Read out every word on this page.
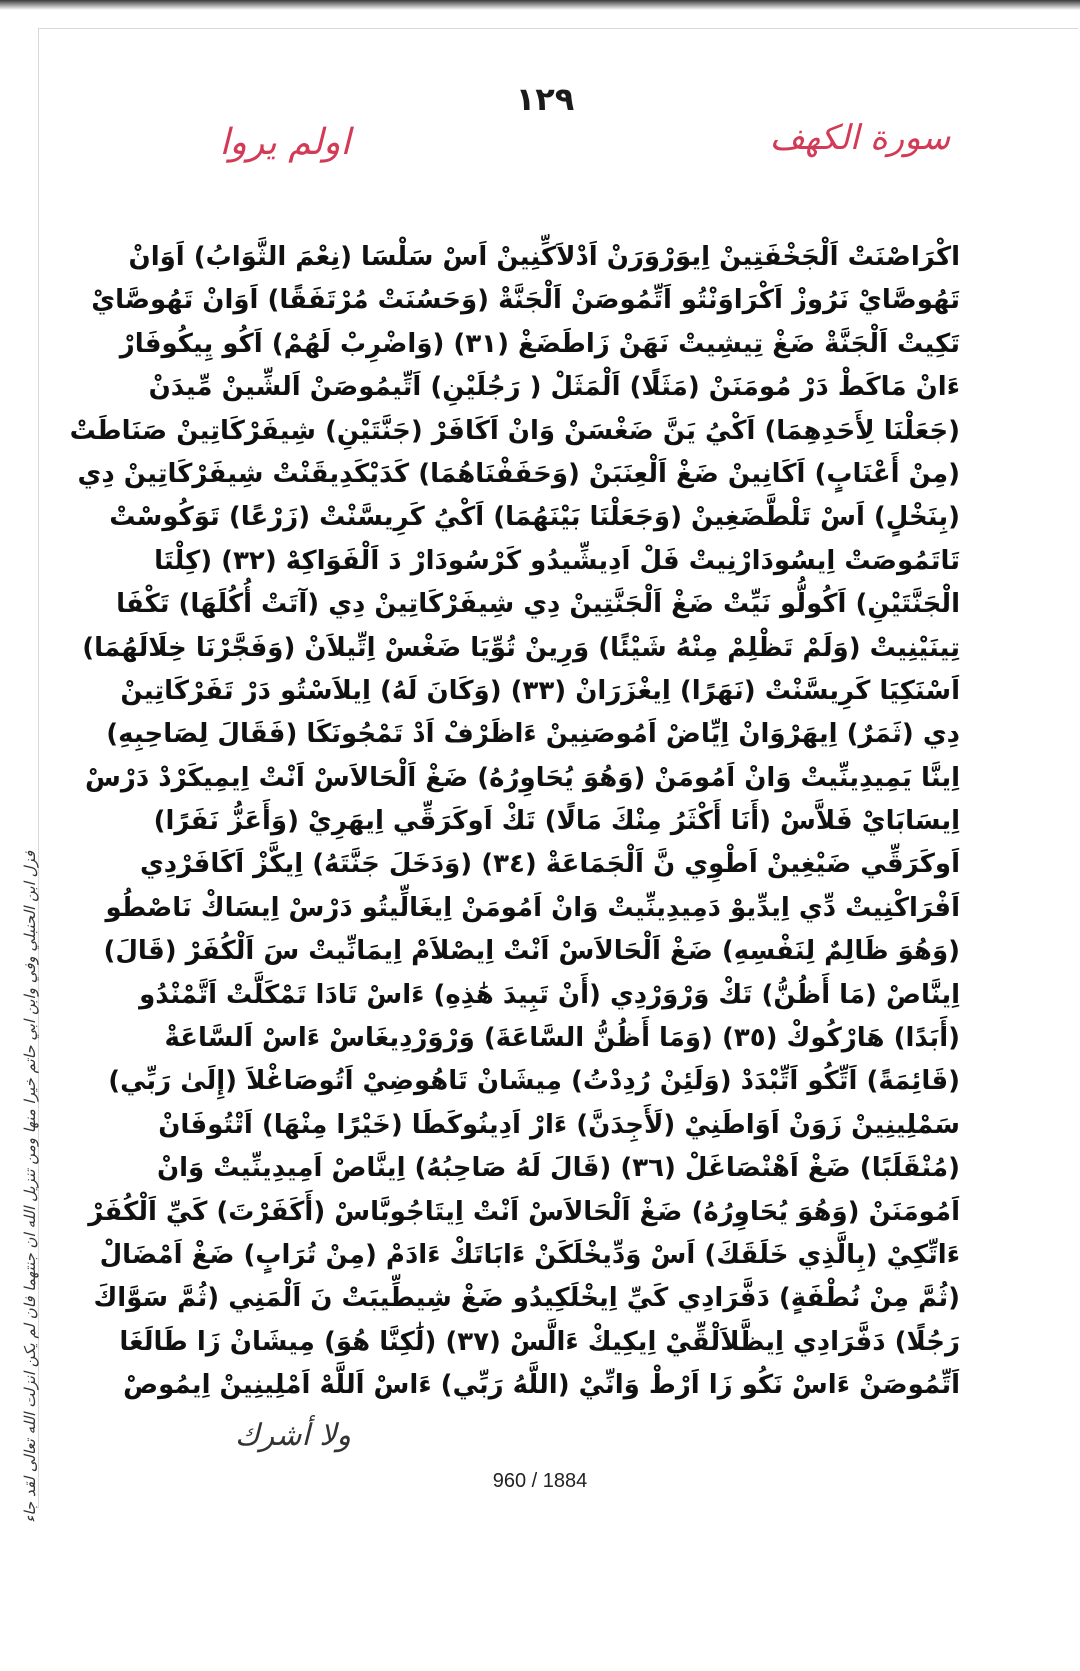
١٢٩
سورة الكهف
اولم يروا
اكْرَاصْنَتْ اَلْجَخْفَتِينْ اِيوَرْوَرَنْ اَدْلاَكِّنِينْ اَسْ سَلْسَا (نِعْمَ الثَّوَابُ) اَوَانْ
تَهُوصَّايْ نَرُوزْ اَكْرَاوَنْتُو اَتِّمُوصَنْ اَلْجَنَّةْ (وَحَسُنَتْ مُرْتَفَقًا) اَوَانْ تَهُوصَّايْ
تَكِيتْ اَلْجَنَّةْ ضَغْ تِيشِيتْ نَهَنْ زَاطَضَغْ (٣١) (وَاضْرِبْ لَهُمْ) اَكُو يِيكُوفَارْ
ءَانْ مَاكَطْ دَرْ مُومَنَنْ (مَثَلًا) اَلْمَثَلْ ( رَجُلَيْنِ) اَتِّيمُوصَنْ اَلشِّينْ مِّيدَنْ
(جَعَلْنَا لِأَحَدِهِمَا) اَكْيُ يَنَّ ضَغْسَنْ وَانْ اَكَافَرْ (جَنَّتَيْنِ) شِيفَرْكَاتِينْ صَنَاطَتْ
(مِنْ أَعْنَابٍ) اَكَانِينْ ضَغْ اَلْعِنَبَنْ (وَحَفَفْنَاهُمَا) كَدَيْكَدِيقَنْتْ شِيفَرْكَاتِينْ دِي
(بِنَخْلٍ) اَسْ تَلْطَّضَغِينْ (وَجَعَلْنَا بَيْنَهُمَا) اَكْيُ كَرِيسَّنْتْ (زَرْعًا) تَوَكُوسْتْ
تَاتَمُوصَتْ اِيسُودَارْنِيتْ فَلْ اَدِيشِّيدُو كَرْسُودَارْ دَ اَلْفَوَاكِهْ (٣٢) (كِلْتَا
الْجَنَّتَيْنِ) اَكُولُّو نَيِّتْ ضَغْ اَلْجَنَّتِينْ دِي شِيفَرْكَاتِينْ دِي (آتَتْ أُكُلَهَا) تَكْفَا
تِينَيْنِيتْ (وَلَمْ تَظْلِمْ مِنْهُ شَيْئًا) وَرِينْ تُوِّيَا ضَغْسْ اِتِّيلاَنْ (وَفَجَّرْنَا خِلَالَهُمَا)
اَسْنَكِيَا كَرِيسَّنْتْ (نَهَرًا) اِيغْزَرَانْ (٣٣) (وَكَانَ لَهُ) اِيلاَسْتُو دَرْ تَفَرْكَاتِينْ
دِي (ثَمَرٌ) اِيهَرْوَانْ اِيِّاضْ اَمُوصَنِينْ ءَاظَرْفْ اَدْ تَمْجُونَكَا (فَقَالَ لِصَاحِبِهِ)
اِينَّا يَمِيدِينِّيتْ وَانْ اَمُومَنْ (وَهُوَ يُحَاوِرُهُ) ضَغْ اَلْحَالاَسْ اَنْتْ اِيمِيكَرْدْ دَرْسْ
اِيسَابَايْ فَلاَّسْ (أَنَا أَكْثَرُ مِنْكَ مَالًا) تَكْ اَوكَرَقِّي اِيهَرِيْ (وَأَعَزُّ نَفَرًا)
اَوكَرَقِّي ضَيْغِينْ اَطْوِي نَّ اَلْجَمَاعَةْ (٣٤) (وَدَخَلَ جَنَّتَهُ) اِيكَّزْ اَكَافَرْدِي
اَفْرَاكْنِيتْ دِّي اِيدِّيوْ دَمِيدِينِّيتْ وَانْ اَمُومَنْ اِيغَالِّيتُو دَرْسْ اِيسَاكْ نَاصْطُو
(وَهُوَ ظَالِمٌ لِنَفْسِهِ) ضَغْ اَلْحَالاَسْ اَنْتْ اِيصْلاَمْ اِيمَانِّيتْ سَ اَلْكُفَرْ (قَالَ)
اِينَّاصْ (مَا أَظُنُّ) تَكْ وَرْوَرْدِي (أَنْ تَبِيدَ هَٰذِهِ) ءَاسْ تَادَا تَمْكَلَّتْ اَتَّمْنْدُو
(أَبَدًا) هَارْكُوكْ (٣٥) (وَمَا أَظُنُّ السَّاعَةَ) وَرْوَرْدِيغَاسْ ءَاسْ اَلسَّاعَةْ
(قَائِمَةً) اَتِّكُو اَتِّبْدَدْ (وَلَئِنْ رُدِدْتُ) مِيشَانْ تَاهُوضِيْ اَتُوصَاغْلاَ (إِلَىٰ رَبِّي)
سَمْلِينِينْ زَوَنْ اَوَاطَنِيْ (لَأَجِدَنَّ) ءَارْ اَدِينُوكَطَا (خَيْرًا مِنْهَا) اَتْتُوفَانْ
(مُنْقَلَبًا) ضَغْ اَهْنْصَاغَلْ (٣٦) (قَالَ لَهُ صَاحِبُهُ) اِينَّاصْ اَمِيدِينِّيتْ وَانْ
اَمُومَنَنْ (وَهُوَ يُحَاوِرُهُ) ضَغْ اَلْحَالاَسْ اَنْتْ اِيتَاجُوبَّاسْ (أَكَفَرْتَ) كَيِّ اَلْكُفَرْ
ءَاتِّكِيْ (بِالَّذِي خَلَقَكَ) اَسْ وَدِّيخْلَكَنْ ءَابَاتَكْ ءَادَمْ (مِنْ تُرَابٍ) ضَغْ اَمْضَالْ
(ثُمَّ مِنْ نُطْفَةٍ) دَفَّرَادِي كَيِّ اِيخْلَكِيدُو ضَغْ شِيطِّيبَتْ نَ اَلْمَنِي (ثُمَّ سَوَّاكَ
رَجُلًا) دَفَّرَادِي اِيظَّلاَلْقِّيْ اِيكِيكْ ءَالَّسْ (٣٧) (لَٰكِنَّا هُوَ) مِيشَانْ زَا طَالَغَا
اَتِّمُوصَنْ ءَاسْ نَكُو زَا اَرْطْ وَانِّيْ (اللَّهُ رَبِّي) ءَاسْ اَللَّهْ اَمْلِينِينْ اِيمُوصْ
فزل ابن الحنبلي وفي وابن ابي حاتم خيرا منها ومن تنزيل الله ان جنتهما فان لم يكن انزلت الله تعالى لقد جاء	ولا أشرك
960 / 1884
